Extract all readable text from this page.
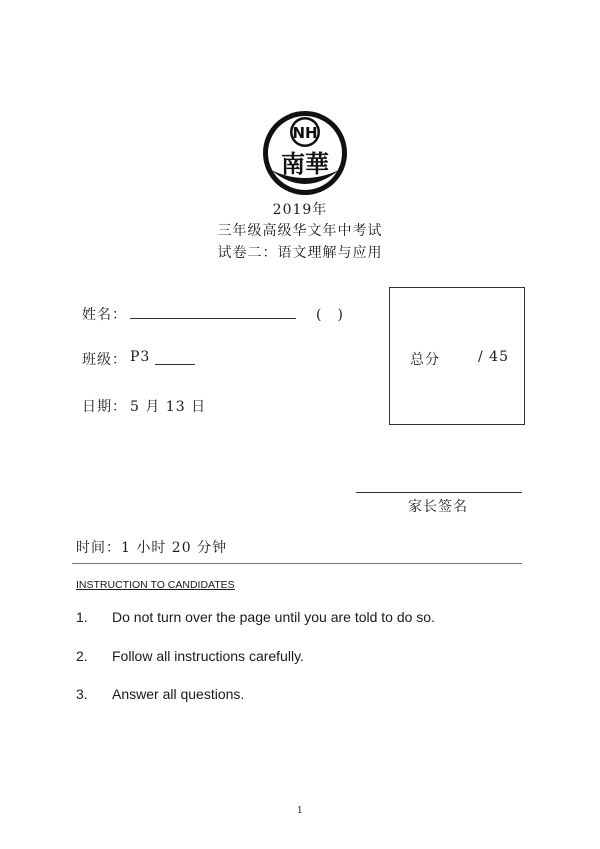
NH
南華
2019年
三年级高级华文年中考试
试卷二：语文理解与应用
姓名：	(　)
班级： P3
日期： 5 月 13 日
总分	/ 45
家长签名
时间：1 小时 20 分钟
INSTRUCTION TO CANDIDATES
1. Do not turn over the page until you are told to do so.
2. Follow all instructions carefully.
3. Answer all questions.
1
